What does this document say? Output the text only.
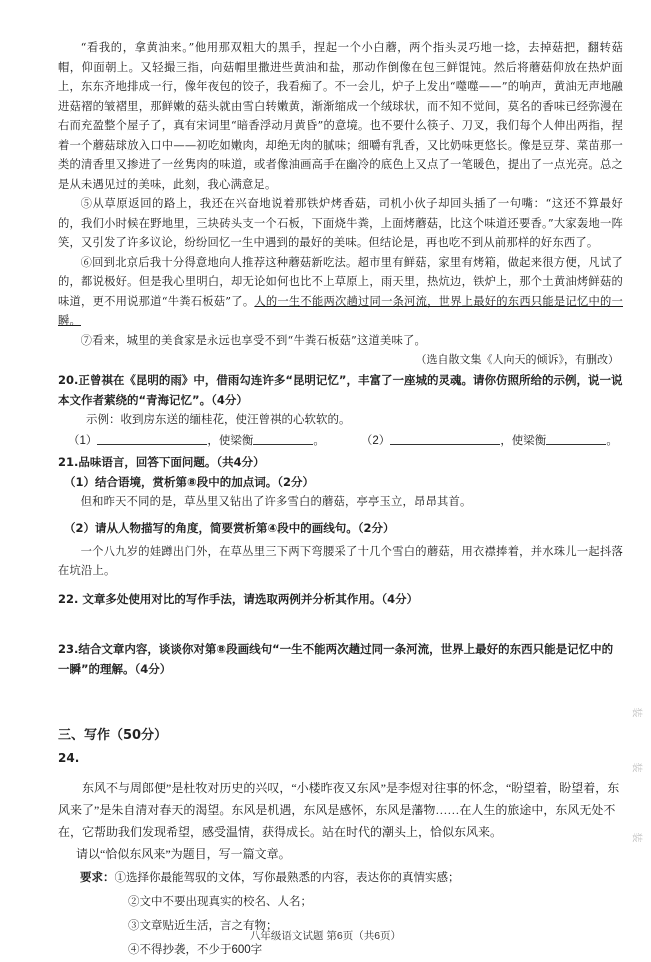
“看我的，拿黄油来。”他用那双粗大的黑手，捏起一个小白蘑，两个指头灵巧地一捻，去掉菇把，翻转菇帽，仰面朝上。又轻撮三指，向菇帽里撒进些黄油和盐，那动作倒像在包三鲜馄饨。然后将蘑菇仰放在热炉面上，东东齐地排成一行，像年夜包的饺子，我看痴了。不一会儿，炉子上发出“噬噬——”的响声，黄油无声地融进菇褶的皱褶里，那鲜嫩的菇头就由雪白转嫩黄，渐渐缩成一个绒球状，而不知不觉间，莫名的香味已经弥漫在右而充盈整个屋子了，真有宋词里“暗香浮动月黄昏”的意境。也不要什么筷子、刀叉，我们每个人伸出两指，捏着一个蘑菇球放入口中——初吃如嫩肉，却绝无肉的腻味；细嚼有乳香，又比奶味更悠长。像是豆芽、菜苗那一类的清香里又掺进了一丝隽肉的味道，或者像油画高手在幽冷的底色上又点了一笔暖色，提出了一点光亮。总之是从未遇见过的美味，此刻，我心满意足。

⑤从草原返回的路上，我还在兴奋地说着那铁炉烤香菇，司机小伙子却回头插了一句嘴：“这还不算最好的，我们小时候在野地里，三块砖头支一个石板，下面烧牛粪，上面烤蘑菇，比这个味道还要香。”大家轰地一阵笑，又引发了许多议论，纷纷回忆一生中遇到的最好的美味。但结论是，再也吃不到从前那样的好东西了。

⑥回到北京后我十分得意地向人推荐这种蘑菇新吃法。超市里有鲜菇，家里有烤箱，做起来很方便，凡试了的，都说极好。但是我心里明白，却无论如何也比不上草原上，雨天里，热炕边，铁炉上，那个土黄油烤鲜菇的味道，更不用说那道“牛粪石板菇”了。人的一生不能两次趟过同一条河流，世界上最好的东西只能是记忆中的一瞬。

⑦看来，城里的美食家是永远也享受不到“牛粪石板菇”这道美味了。

（选自散文集《人向天的倾诉》，有删改）

20.正曾祺在《昆明的雨》中，借雨勾连许多“昆明记忆”，丰富了一座城的灵魂。请你仿照所给的示例，说一说本文作者萦绕的“青海记忆”。（4分）

示例：收到房东送的缅桂花，使汪曾祺的心软软的。

（1）	，使梁衡	。	（2）	，使梁衡	。

21.品味语言，回答下面问题。（共4分）

（1）结合语境，赏析第⑧段中的加点词。（2分）

但和昨天不同的是，草丛里又钻出了许多雪白的蘑菇，亭亭玉立，昂昂其首。

（2）请从人物描写的角度，简要赏析第④段中的画线句。（2分）

一个八九岁的娃蹲出门外，在草丛里三下两下弯腰采了十几个雪白的蘑菇，用衣襟捧着，并水珠儿一起抖落在坑沿上。

22. 文章多处使用对比的写作手法，请选取两例并分析其作用。（4分）

23.结合文章内容，谈谈你对第⑧段画线句“一生不能两次趟过同一条河流，世界上最好的东西只能是记忆中的一瞬”的理解。（4分）

三、写作（50分）

24.

东风不与周郎便”是杜牧对历史的兴叹，“小楼昨夜又东风”是李煜对往事的怀念，“盼望着，盼望着，东风来了”是朱自清对春天的渴望。东风是机遇，东风是感怀，东风是藩物……在人生的旅途中，东风无处不在，它帮助我们发现希望，感受温情，获得成长。站在时代的潮头上，恰似东风来。

请以“恰似东风来”为题目，写一篇文章。

要求：①选择你最能驾驭的文体，写你最熟悉的内容，表达你的真情实感；

②文中不要出现真实的校名、人名；

③文章贴近生活，言之有物；

④不得抄袭，不少于600字

八年级语文试题 第6页（共6页）
装
装
装
